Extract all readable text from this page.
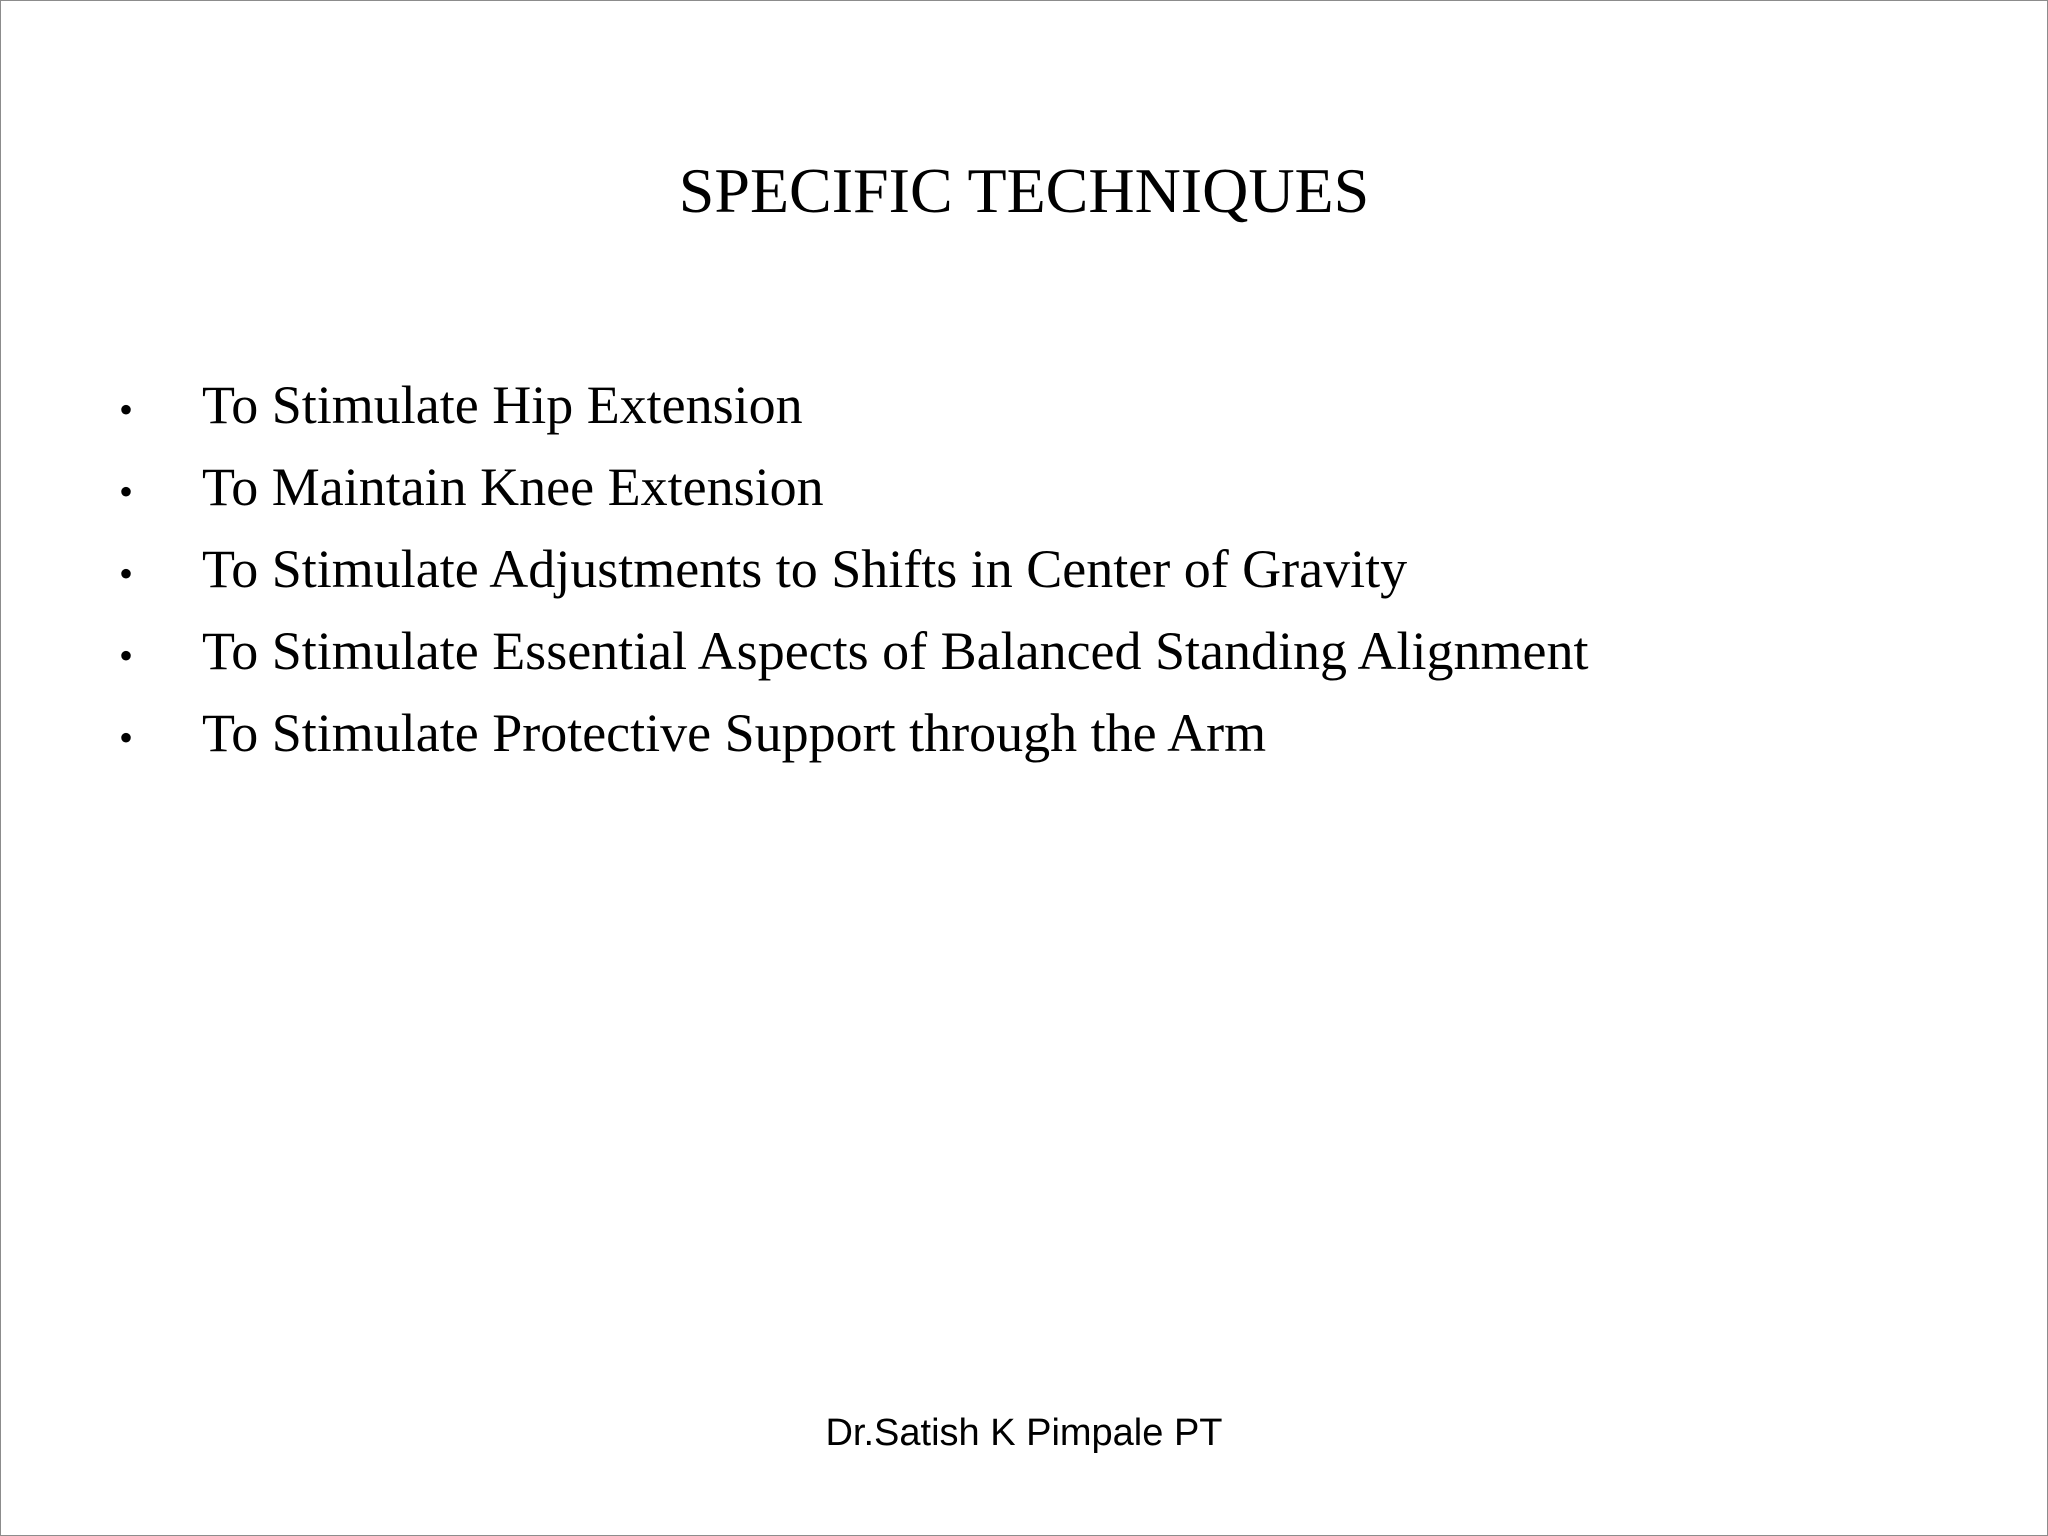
SPECIFIC TECHNIQUES
•	To Stimulate Hip Extension
•	To Maintain Knee Extension
•	To Stimulate Adjustments to Shifts in Center of Gravity
•	To Stimulate Essential Aspects of Balanced Standing Alignment
•	To Stimulate Protective Support through the Arm
Dr.Satish K Pimpale PT
